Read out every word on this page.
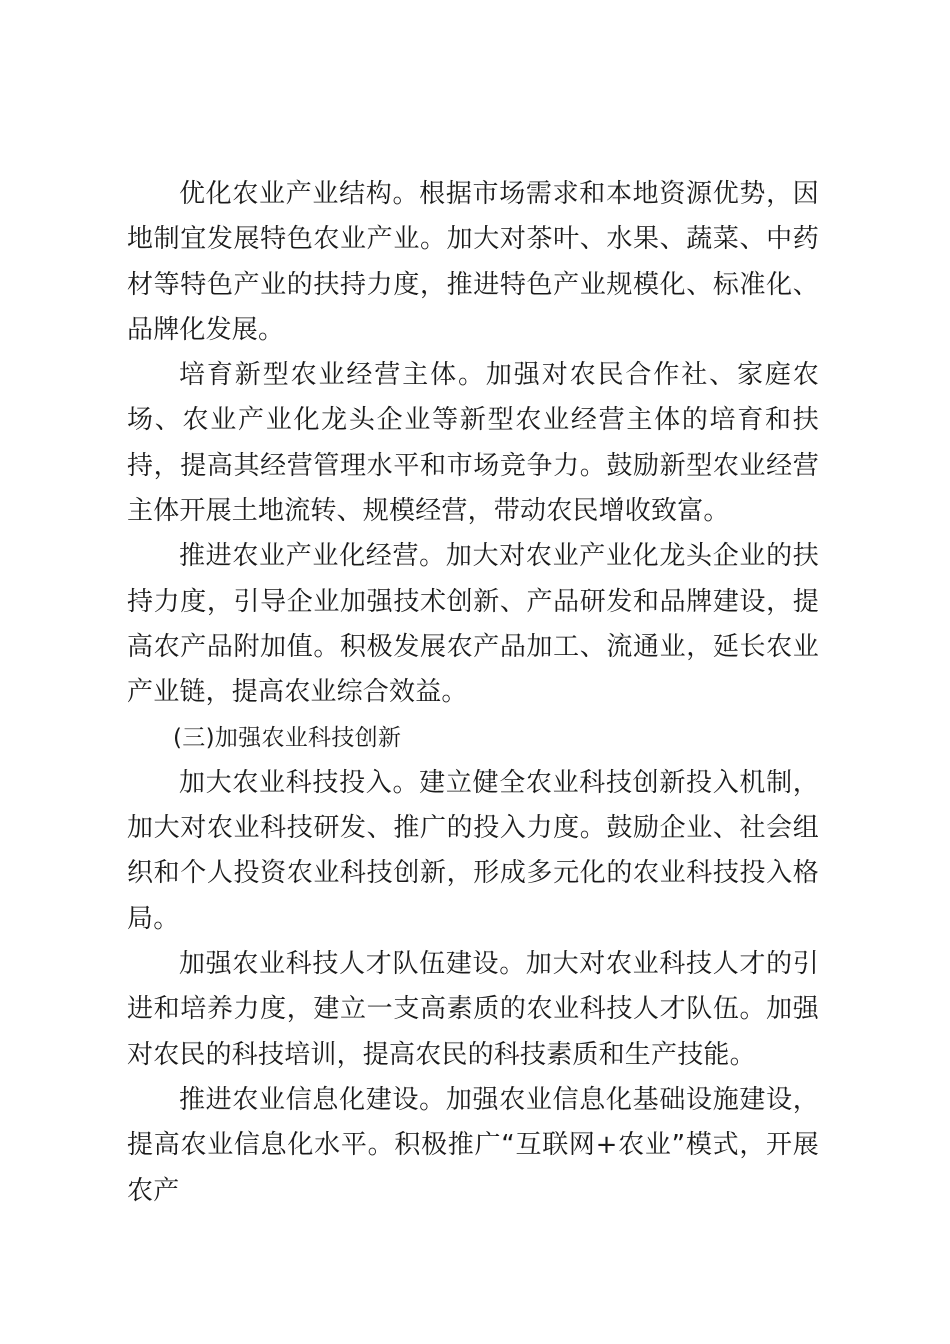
优化农业产业结构。根据市场需求和本地资源优势，因地制宜发展特色农业产业。加大对茶叶、水果、蔬菜、中药材等特色产业的扶持力度，推进特色产业规模化、标准化、品牌化发展。

培育新型农业经营主体。加强对农民合作社、家庭农场、农业产业化龙头企业等新型农业经营主体的培育和扶持，提高其经营管理水平和市场竞争力。鼓励新型农业经营主体开展土地流转、规模经营，带动农民增收致富。

推进农业产业化经营。加大对农业产业化龙头企业的扶持力度，引导企业加强技术创新、产品研发和品牌建设，提高农产品附加值。积极发展农产品加工、流通业，延长农业产业链，提高农业综合效益。

(三)加强农业科技创新

加大农业科技投入。建立健全农业科技创新投入机制，加大对农业科技研发、推广的投入力度。鼓励企业、社会组织和个人投资农业科技创新，形成多元化的农业科技投入格局。

加强农业科技人才队伍建设。加大对农业科技人才的引进和培养力度，建立一支高素质的农业科技人才队伍。加强对农民的科技培训，提高农民的科技素质和生产技能。

推进农业信息化建设。加强农业信息化基础设施建设，提高农业信息化水平。积极推广“互联网+农业”模式，开展农产
